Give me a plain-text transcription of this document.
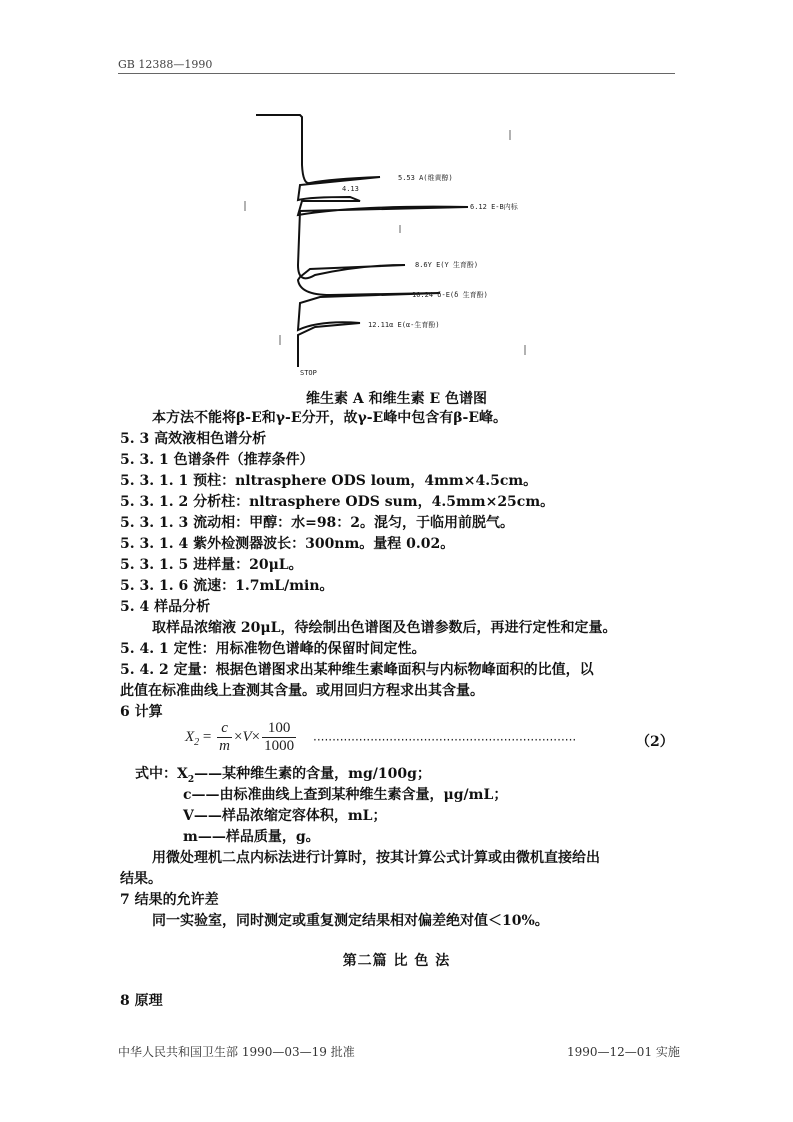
GB 12388—1990
5.53 A(维黄醇)
4.13
6.12 E-B内标
8.6Y E(Y 生育酚)
10.24 δ-E(δ 生育酚)
12.11α E(α-生育酚)
STOP
维生素 A 和维生素 E 色谱图
本方法不能将β-E和γ-E分开，故γ-E峰中包含有β-E峰。
5. 3 高效液相色谱分析
5. 3. 1 色谱条件（推荐条件）
5. 3. 1. 1 预柱：nltrasphere ODS loum，4mm×4.5cm。
5. 3. 1. 2 分析柱：nltrasphere ODS sum，4.5mm×25cm。
5. 3. 1. 3 流动相：甲醇：水=98：2。混匀，于临用前脱气。
5. 3. 1. 4 紫外检测器波长：300nm。量程 0.02。
5. 3. 1. 5 进样量：20μL。
5. 3. 1. 6 流速：1.7mL/min。
5. 4 样品分析
取样品浓缩液 20μL，待绘制出色谱图及色谱参数后，再进行定性和定量。
5. 4. 1 定性：用标准物色谱峰的保留时间定性。
5. 4. 2 定量：根据色谱图求出某种维生素峰面积与内标物峰面积的比值，以
此值在标准曲线上查测其含量。或用回归方程求出其含量。
6 计算
$X_2 = \frac{c}{m} \times V\times \frac{100}{1000}$ ·····································································	（2）
式中：$X_2——$某种维生素的含量，mg/100g；
c——由标准曲线上查到某种维生素含量，μg/mL；
V——样品浓缩定容体积，mL；
m——样品质量，g。
用微处理机二点内标法进行计算时，按其计算公式计算或由微机直接给出
结果。
7 结果的允许差
同一实验室，同时测定或重复测定结果相对偏差绝对值＜10%。
第二篇 比 色 法
8 原理
中华人民共和国卫生部 1990—03—19 批准	1990—12—01 实施
